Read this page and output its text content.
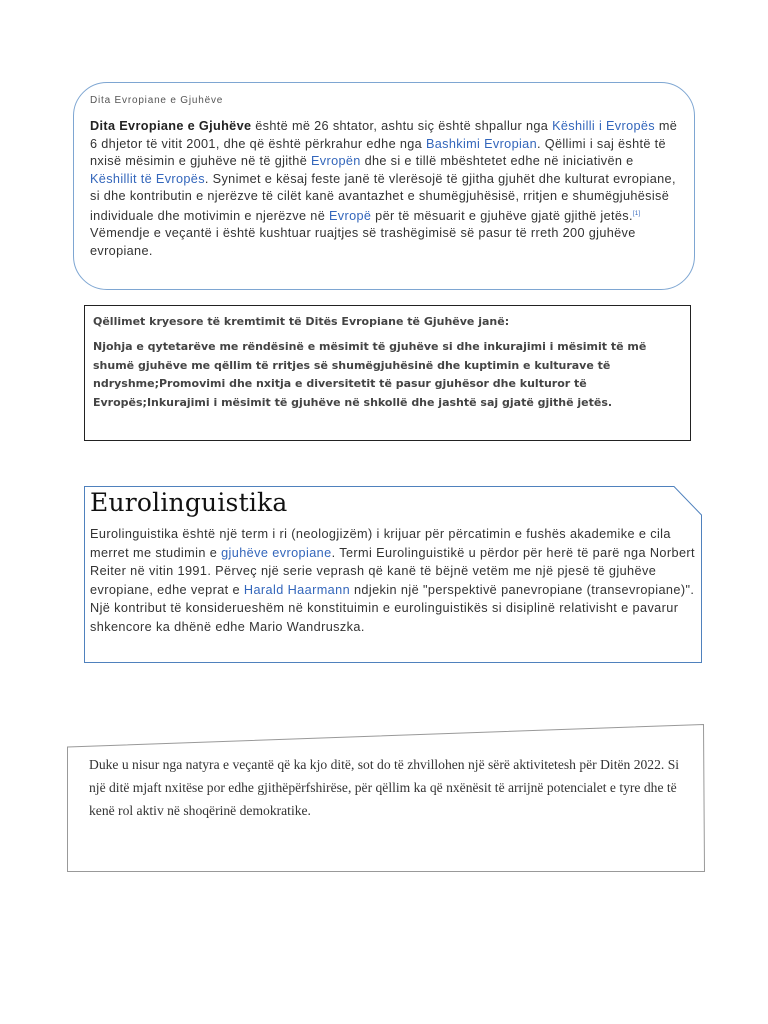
Dita Evropiane e Gjuhëve
Dita Evropiane e Gjuhëve është më 26 shtator, ashtu siç është shpallur nga Këshilli i Evropës më 6 dhjetor të vitit 2001, dhe që është përkrahur edhe nga Bashkimi Evropian. Qëllimi i saj është të nxisë mësimin e gjuhëve në të gjithë Evropën dhe si e tillë mbështetet edhe në iniciativën e Këshillit të Evropës. Synimet e kësaj feste janë të vlerësojë të gjitha gjuhët dhe kulturat evropiane, si dhe kontributin e njerëzve të cilët kanë avantazhet e shumëgjuhësisë, rritjen e shumëgjuhësisë individuale dhe motivimin e njerëzve në Evropë për të mësuarit e gjuhëve gjatë gjithë jetës.[1] Vëmendje e veçantë i është kushtuar ruajtjes së trashëgimisë së pasur të rreth 200 gjuhëve evropiane.
Qëllimet kryesore të kremtimit të Ditës Evropiane të Gjuhëve janë:
Njohja e qytetarëve me rëndësinë e mësimit të gjuhëve si dhe inkurajimi i mësimit të më shumë gjuhëve me qëllim të rritjes së shumëgjuhësinë dhe kuptimin e kulturave të ndryshme;Promovimi dhe nxitja e diversitetit të pasur gjuhësor dhe kulturor të Evropës;Inkurajimi i mësimit të gjuhëve në shkollë dhe jashtë saj gjatë gjithë jetës.
Eurolinguistika
Eurolinguistika është një term i ri (neologjizëm) i krijuar për përcatimin e fushës akademike e cila merret me studimin e gjuhëve evropiane. Termi Eurolinguistikë u përdor për herë të parë nga Norbert Reiter në vitin 1991. Përveç një serie veprash që kanë të bëjnë vetëm me një pjesë të gjuhëve evropiane, edhe veprat e Harald Haarmann ndjekin një "perspektivë panevropiane (transevropiane)". Një kontribut të konsiderueshëm në konstituimin e eurolinguistikës si disiplinë relativisht e pavarur shkencore ka dhënë edhe Mario Wandruszka.
Duke u nisur nga natyra e veçantë që ka kjo ditë, sot do të zhvillohen një sërë aktivitetesh për Ditën 2022. Si një ditë mjaft nxitëse por edhe gjithëpërfshirëse, për qëllim ka që nxënësit të arrijnë potencialet e tyre dhe të kenë rol aktiv në shoqërinë demokratike.
